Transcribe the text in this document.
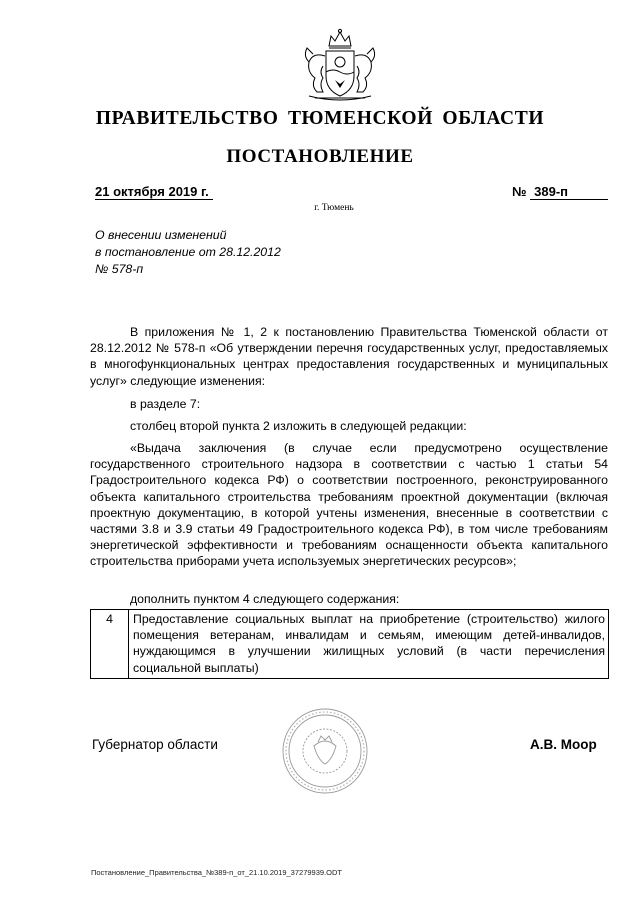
ПРАВИТЕЛЬСТВО ТЮМЕНСКОЙ ОБЛАСТИ
ПОСТАНОВЛЕНИЕ
21 октября 2019 г.	№ 389-п
г. Тюмень
О внесении изменений
в постановление от 28.12.2012
№ 578-п
В приложения № 1, 2 к постановлению Правительства Тюменской области от 28.12.2012 № 578-п «Об утверждении перечня государственных услуг, предоставляемых в многофункциональных центрах предоставления государственных и муниципальных услуг» следующие изменения:
в разделе 7:
столбец второй пункта 2 изложить в следующей редакции:
«Выдача заключения (в случае если предусмотрено осуществление государственного строительного надзора в соответствии с частью 1 статьи 54 Градостроительного кодекса РФ) о соответствии построенного, реконструированного объекта капитального строительства требованиям проектной документации (включая проектную документацию, в которой учтены изменения, внесенные в соответствии с частями 3.8 и 3.9 статьи 49 Градостроительного кодекса РФ), в том числе требованиям энергетической эффективности и требованиям оснащенности объекта капитального строительства приборами учета используемых энергетических ресурсов»;
дополнить пунктом 4 следующего содержания:
4	Предоставление социальных выплат на приобретение (строительство) жилого помещения ветеранам, инвалидам и семьям, имеющим детей-инвалидов, нуждающимся в улучшении жилищных условий (в части перечисления социальной выплаты)
Губернатор области	А.В. Моор
Постановление_Правительства_№389-п_от_21.10.2019_37279939.ODT
